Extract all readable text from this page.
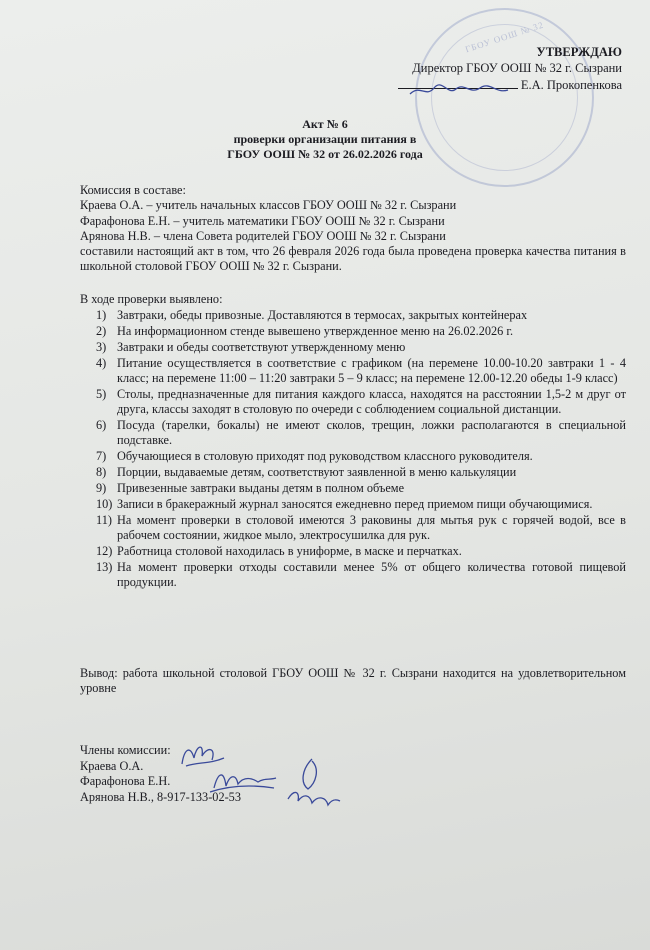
ГБОУ ООШ № 32
УТВЕРЖДАЮ
Директор ГБОУ ООШ № 32 г. Сызрани
Е.А. Прокопенкова
Акт № 6
проверки организации питания в
ГБОУ ООШ № 32 от 26.02.2026 года
Комиссия в составе:
Краева О.А. – учитель начальных классов ГБОУ ООШ № 32 г. Сызрани
Фарафонова Е.Н. – учитель математики ГБОУ ООШ № 32 г. Сызрани
Арянова Н.В. – члена Совета родителей ГБОУ ООШ № 32 г. Сызрани
составили настоящий акт в том, что 26 февраля 2026 года была проведена проверка качества питания в школьной столовой ГБОУ ООШ № 32 г. Сызрани.
В ходе проверки выявлено:
1) Завтраки, обеды привозные. Доставляются в термосах, закрытых контейнерах
2) На информационном стенде вывешено утвержденное меню на 26.02.2026 г.
3) Завтраки и обеды соответствуют утвержденному меню
4) Питание осуществляется в соответствие с графиком (на перемене 10.00-10.20 завтраки 1 - 4 класс; на перемене 11:00 – 11:20 завтраки 5 – 9 класс; на перемене 12.00-12.20 обеды 1-9 класс)
5) Столы, предназначенные для питания каждого класса, находятся на расстоянии 1,5-2 м друг от друга, классы заходят в столовую по очереди с соблюдением социальной дистанции.
6) Посуда (тарелки, бокалы) не имеют сколов, трещин, ложки располагаются в специальной подставке.
7) Обучающиеся в столовую приходят под руководством классного руководителя.
8) Порции, выдаваемые детям, соответствуют заявленной в меню калькуляции
9) Привезенные завтраки выданы детям в полном объеме
10) Записи в бракеражный журнал заносятся ежедневно перед приемом пищи обучающимися.
11) На момент проверки в столовой имеются 3 раковины для мытья рук с горячей водой, все в рабочем состоянии, жидкое мыло, электросушилка для рук.
12) Работница столовой находилась в униформе, в маске и перчатках.
13) На момент проверки отходы составили менее 5% от общего количества готовой пищевой продукции.
Вывод: работа школьной столовой ГБОУ ООШ № 32 г. Сызрани находится на удовлетворительном уровне
Члены комиссии:
Краева О.А.
Фарафонова Е.Н.
Арянова Н.В., 8-917-133-02-53
